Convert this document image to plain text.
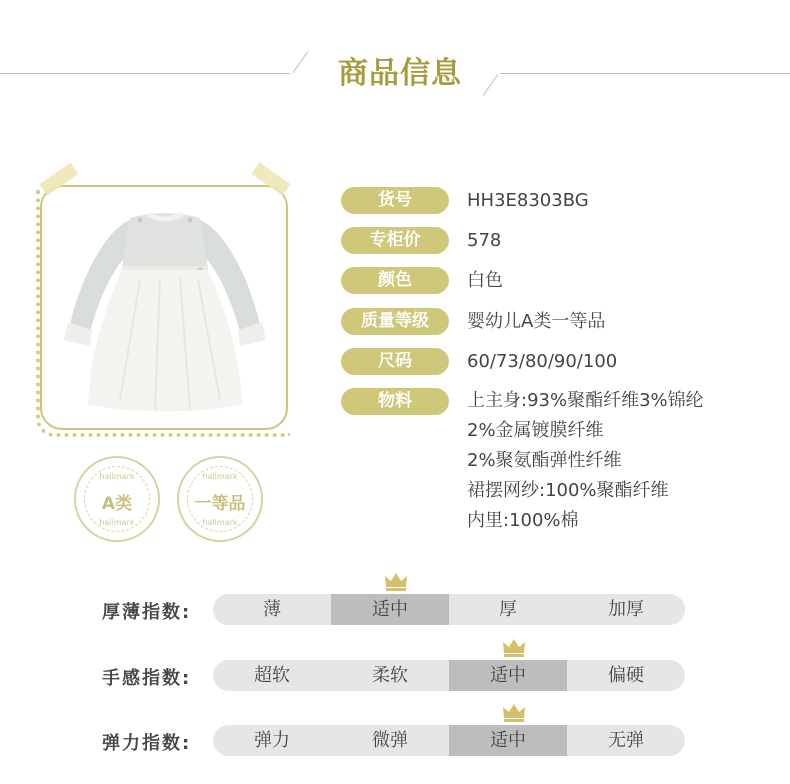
商品信息
hallmark
A类
hallmark
hallmark
一等品
hallmark
货号	HH3E8303BG
专柜价	578
颜色	白色
质量等级	婴幼儿A类一等品
尺码	60/73/80/90/100
物料	上主身:93%聚酯纤维3%锦纶
2%金属镀膜纤维
2%聚氨酯弹性纤维
裙摆网纱:100%聚酯纤维
内里:100%棉
厚薄指数:	薄	适中	厚	加厚
手感指数:	超软	柔软	适中	偏硬
弹力指数:	弹力	微弹	适中	无弹
